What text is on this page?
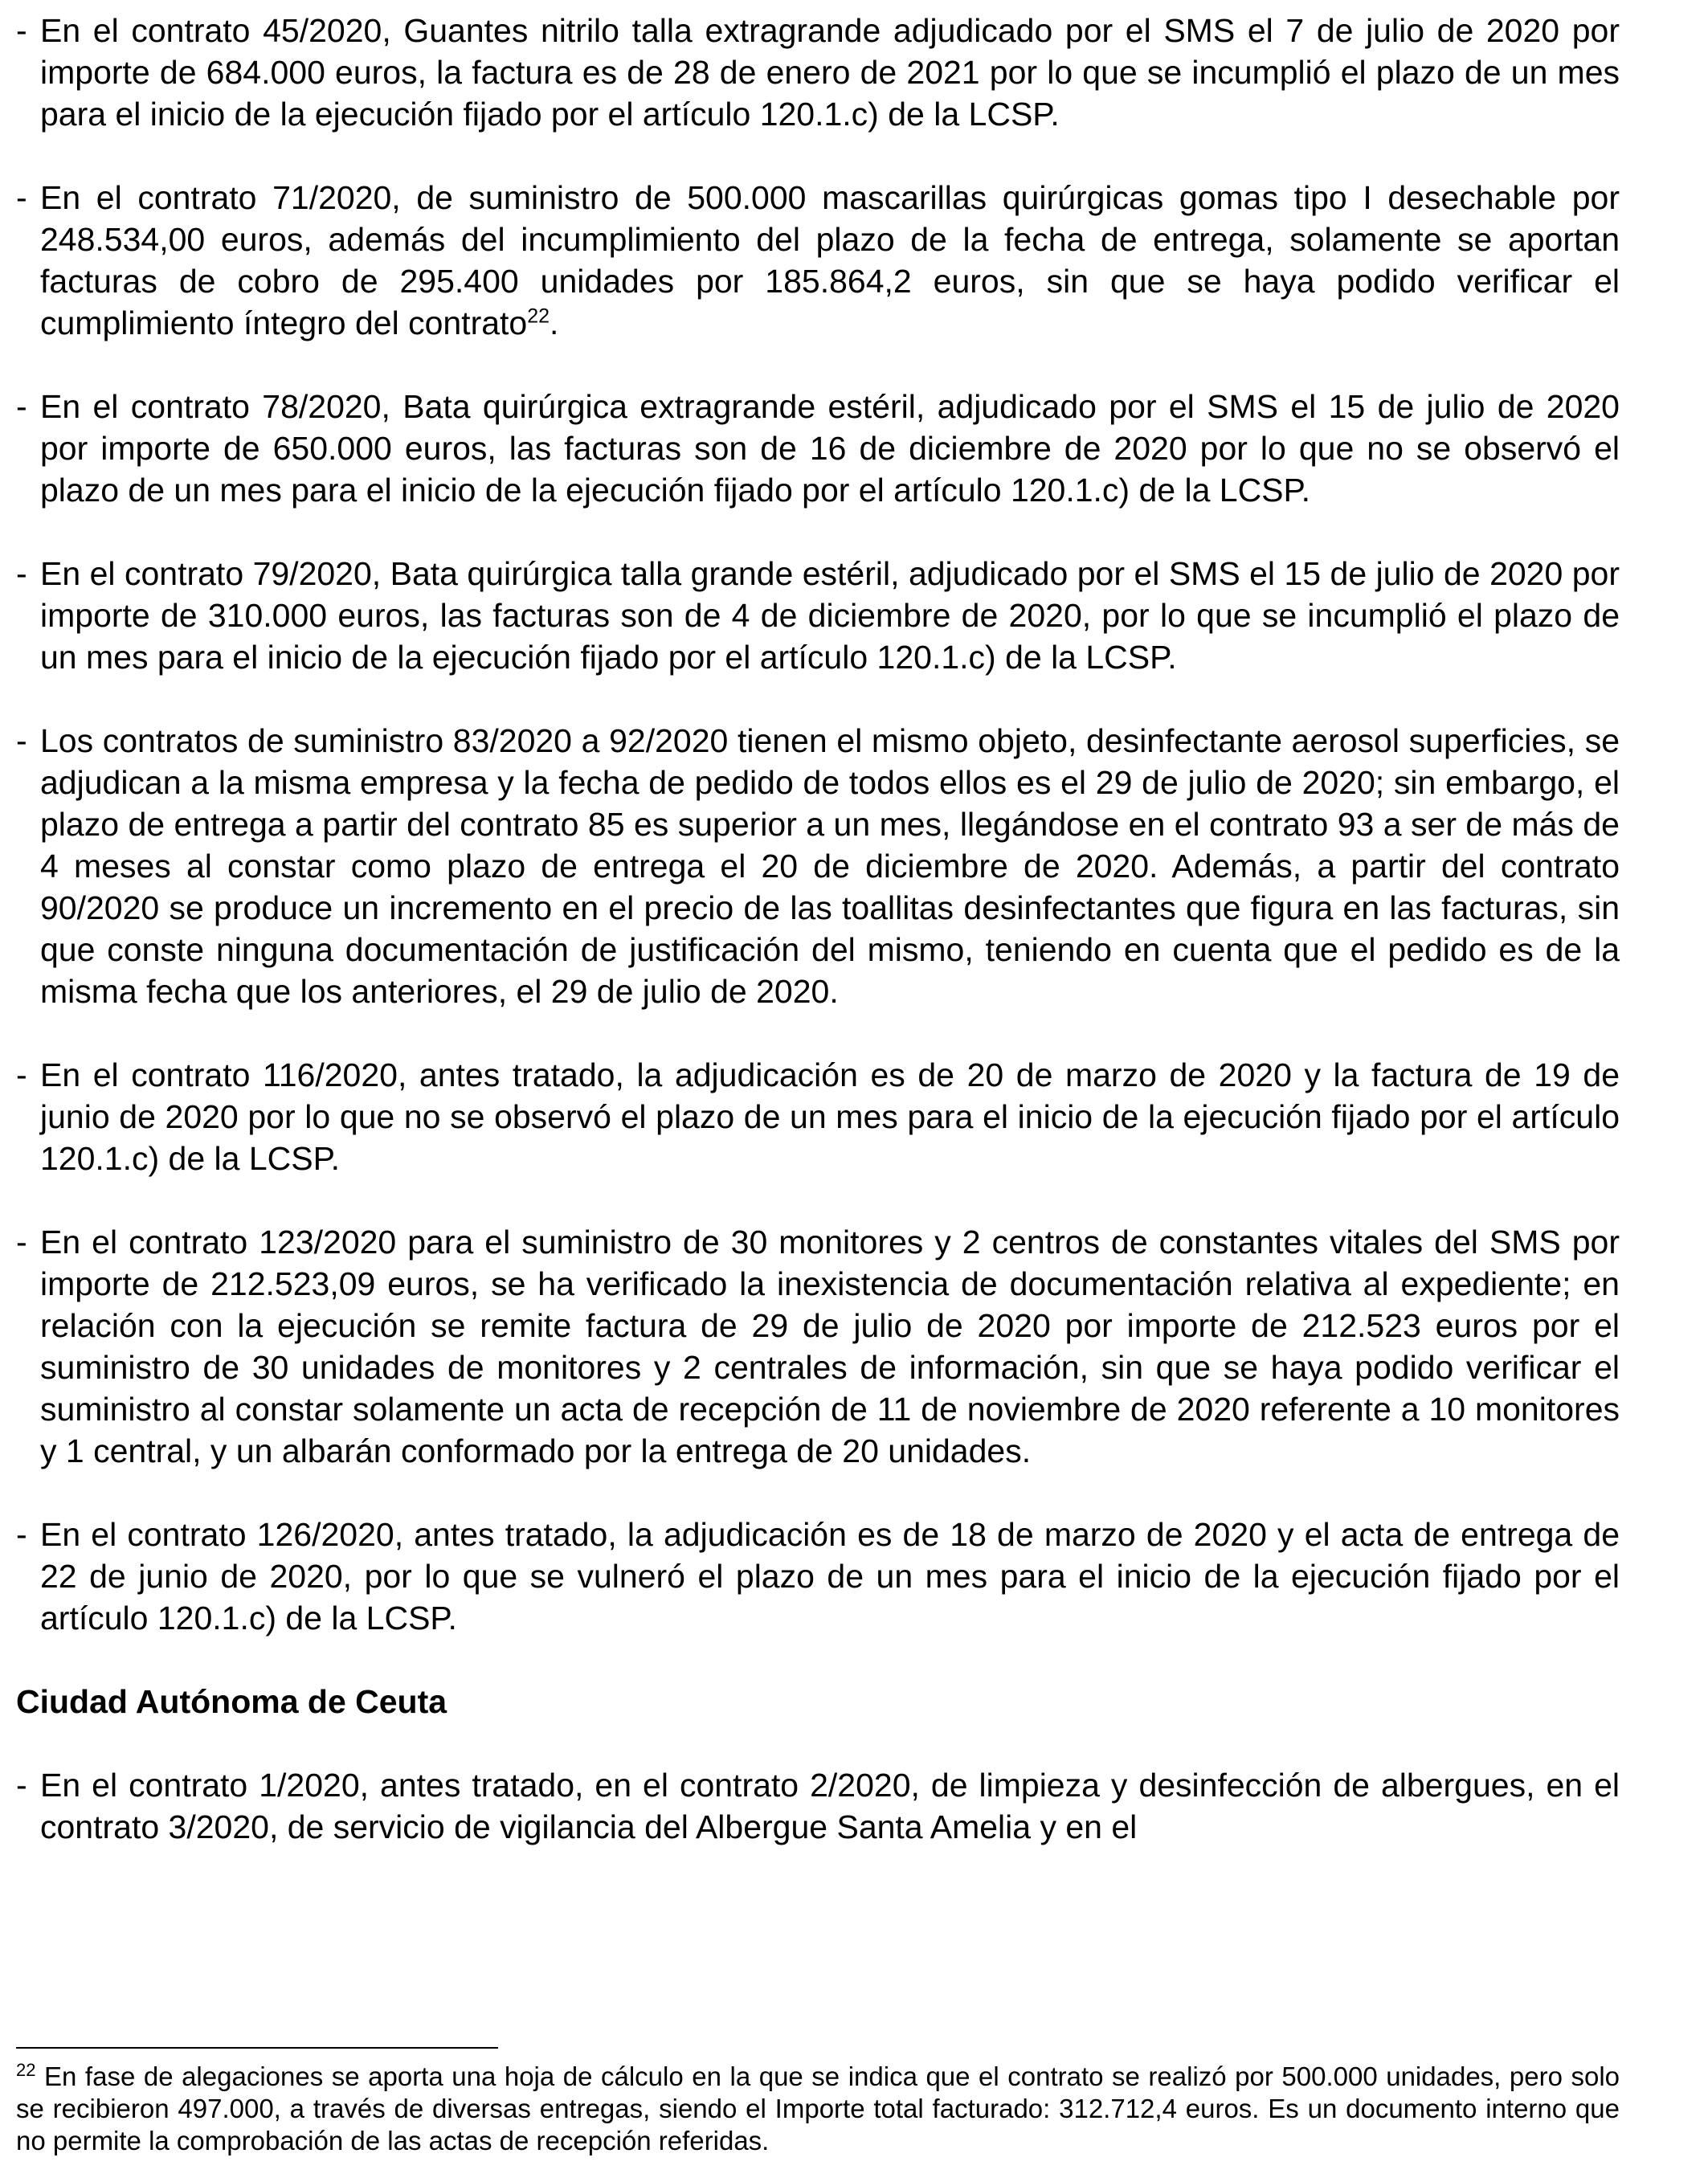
- En el contrato 45/2020, Guantes nitrilo talla extragrande adjudicado por el SMS el 7 de julio de 2020 por importe de 684.000 euros, la factura es de 28 de enero de 2021 por lo que se incumplió el plazo de un mes para el inicio de la ejecución fijado por el artículo 120.1.c) de la LCSP.
- En el contrato 71/2020, de suministro de 500.000 mascarillas quirúrgicas gomas tipo I desechable por 248.534,00 euros, además del incumplimiento del plazo de la fecha de entrega, solamente se aportan facturas de cobro de 295.400 unidades por 185.864,2 euros, sin que se haya podido verificar el cumplimiento íntegro del contrato$^{22}$.
- En el contrato 78/2020, Bata quirúrgica extragrande estéril, adjudicado por el SMS el 15 de julio de 2020 por importe de 650.000 euros, las facturas son de 16 de diciembre de 2020 por lo que no se observó el plazo de un mes para el inicio de la ejecución fijado por el artículo 120.1.c) de la LCSP.
- En el contrato 79/2020, Bata quirúrgica talla grande estéril, adjudicado por el SMS el 15 de julio de 2020 por importe de 310.000 euros, las facturas son de 4 de diciembre de 2020, por lo que se incumplió el plazo de un mes para el inicio de la ejecución fijado por el artículo 120.1.c) de la LCSP.
- Los contratos de suministro 83/2020 a 92/2020 tienen el mismo objeto, desinfectante aerosol superficies, se adjudican a la misma empresa y la fecha de pedido de todos ellos es el 29 de julio de 2020; sin embargo, el plazo de entrega a partir del contrato 85 es superior a un mes, llegándose en el contrato 93 a ser de más de 4 meses al constar como plazo de entrega el 20 de diciembre de 2020. Además, a partir del contrato 90/2020 se produce un incremento en el precio de las toallitas desinfectantes que figura en las facturas, sin que conste ninguna documentación de justificación del mismo, teniendo en cuenta que el pedido es de la misma fecha que los anteriores, el 29 de julio de 2020.
- En el contrato 116/2020, antes tratado, la adjudicación es de 20 de marzo de 2020 y la factura de 19 de junio de 2020 por lo que no se observó el plazo de un mes para el inicio de la ejecución fijado por el artículo 120.1.c) de la LCSP.
- En el contrato 123/2020 para el suministro de 30 monitores y 2 centros de constantes vitales del SMS por importe de 212.523,09 euros, se ha verificado la inexistencia de documentación relativa al expediente; en relación con la ejecución se remite factura de 29 de julio de 2020 por importe de 212.523 euros por el suministro de 30 unidades de monitores y 2 centrales de información, sin que se haya podido verificar el suministro al constar solamente un acta de recepción de 11 de noviembre de 2020 referente a 10 monitores y 1 central, y un albarán conformado por la entrega de 20 unidades.
- En el contrato 126/2020, antes tratado, la adjudicación es de 18 de marzo de 2020 y el acta de entrega de 22 de junio de 2020, por lo que se vulneró el plazo de un mes para el inicio de la ejecución fijado por el artículo 120.1.c) de la LCSP.
Ciudad Autónoma de Ceuta
- En el contrato 1/2020, antes tratado, en el contrato 2/2020, de limpieza y desinfección de albergues, en el contrato 3/2020, de servicio de vigilancia del Albergue Santa Amelia y en el
$^{22}$ En fase de alegaciones se aporta una hoja de cálculo en la que se indica que el contrato se realizó por 500.000 unidades, pero solo se recibieron 497.000, a través de diversas entregas, siendo el Importe total facturado: 312.712,4 euros. Es un documento interno que no permite la comprobación de las actas de recepción referidas.
